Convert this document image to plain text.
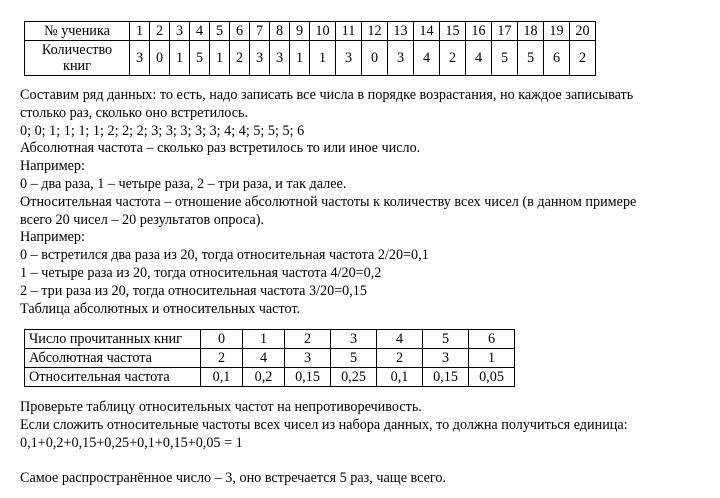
№ ученика	1	2	3	4	5	6	7	8	9	10	11	12	13	14	15	16	17	18	19	20

Количество
книг	3	0	1	5	1	2	3	3	1	1	3	0	3	4	2	4	5	5	6	2
Составим ряд данных: то есть, надо записать все числа в порядке возрастания, но каждое записывать
столько раз, сколько оно встретилось.
0; 0; 1; 1; 1; 1; 2; 2; 2; 3; 3; 3; 3; 3; 4; 4; 5; 5; 5; 6
Абсолютная частота – сколько раз встретилось то или иное число.
Например:
0 – два раза, 1 – четыре раза, 2 – три раза, и так далее.
Относительная частота – отношение абсолютной частоты к количеству всех чисел (в данном примере
всего 20 чисел – 20 результатов опроса).
Например:
0 – встретился два раза из 20, тогда относительная частота 2/20=0,1
1 – четыре раза из 20, тогда относительная частота 4/20=0,2
2 – три раза из 20, тогда относительная частота 3/20=0,15
Таблица абсолютных и относительных частот.
Число прочитанных книг	0	1	2	3	4	5	6
Абсолютная частота	2	4	3	5	2	3	1
Относительная частота	0,1	0,2	0,15	0,25	0,1	0,15	0,05
Проверьте таблицу относительных частот на непротиворечивость.
Если сложить относительные частоты всех чисел из набора данных, то должна получиться единица:
0,1+0,2+0,15+0,25+0,1+0,15+0,05 = 1
Самое распространённое число – 3, оно встречается 5 раз, чаще всего.
